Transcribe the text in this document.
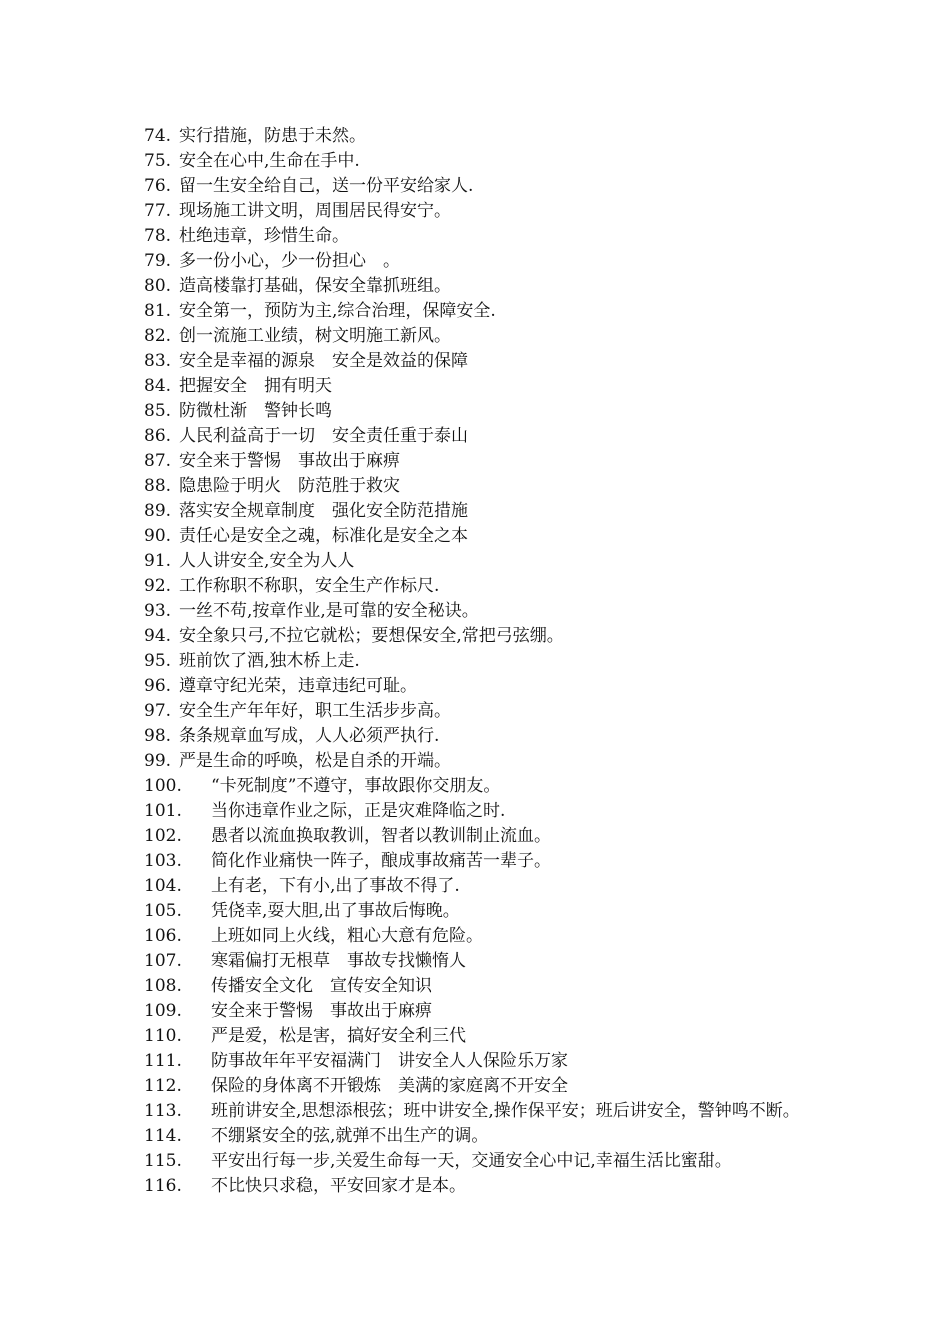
74. 实行措施，防患于未然。
75. 安全在心中,生命在手中.
76. 留一生安全给自己，送一份平安给家人.
77. 现场施工讲文明，周围居民得安宁。
78. 杜绝违章，珍惜生命。
79. 多一份小心，少一份担心　。
80. 造高楼靠打基础，保安全靠抓班组。
81. 安全第一，预防为主,综合治理，保障安全.
82. 创一流施工业绩，树文明施工新风。
83. 安全是幸福的源泉　安全是效益的保障
84. 把握安全　拥有明天
85. 防微杜渐　警钟长鸣
86. 人民利益高于一切　安全责任重于泰山
87. 安全来于警惕　事故出于麻痹
88. 隐患险于明火　防范胜于救灾
89. 落实安全规章制度　强化安全防范措施
90. 责任心是安全之魂，标准化是安全之本
91. 人人讲安全,安全为人人
92. 工作称职不称职，安全生产作标尺.
93. 一丝不苟,按章作业,是可靠的安全秘诀。
94. 安全象只弓,不拉它就松；要想保安全,常把弓弦绷。
95. 班前饮了酒,独木桥上走.
96. 遵章守纪光荣，违章违纪可耻。
97. 安全生产年年好，职工生活步步高。
98. 条条规章血写成，人人必须严执行.
99. 严是生命的呼唤，松是自杀的开端。
100.	“卡死制度”不遵守，事故跟你交朋友。
101.	当你违章作业之际，正是灾难降临之时.
102.	愚者以流血换取教训，智者以教训制止流血。
103.	简化作业痛快一阵子，酿成事故痛苦一辈子。
104.	上有老，下有小,出了事故不得了.
105.	凭侥幸,耍大胆,出了事故后悔晚。
106.	上班如同上火线，粗心大意有危险。
107.	寒霜偏打无根草　事故专找懒惰人
108.	传播安全文化　宣传安全知识
109.	安全来于警惕　事故出于麻痹
110.	严是爱，松是害，搞好安全利三代
111.	防事故年年平安福满门　讲安全人人保险乐万家
112.	保险的身体离不开锻炼　美满的家庭离不开安全
113. 班前讲安全,思想添根弦；班中讲安全,操作保平安；班后讲安全，警钟鸣不断。
114.	不绷紧安全的弦,就弹不出生产的调。
115.	平安出行每一步,关爱生命每一天，交通安全心中记,幸福生活比蜜甜。
116.	不比快只求稳，平安回家才是本。
